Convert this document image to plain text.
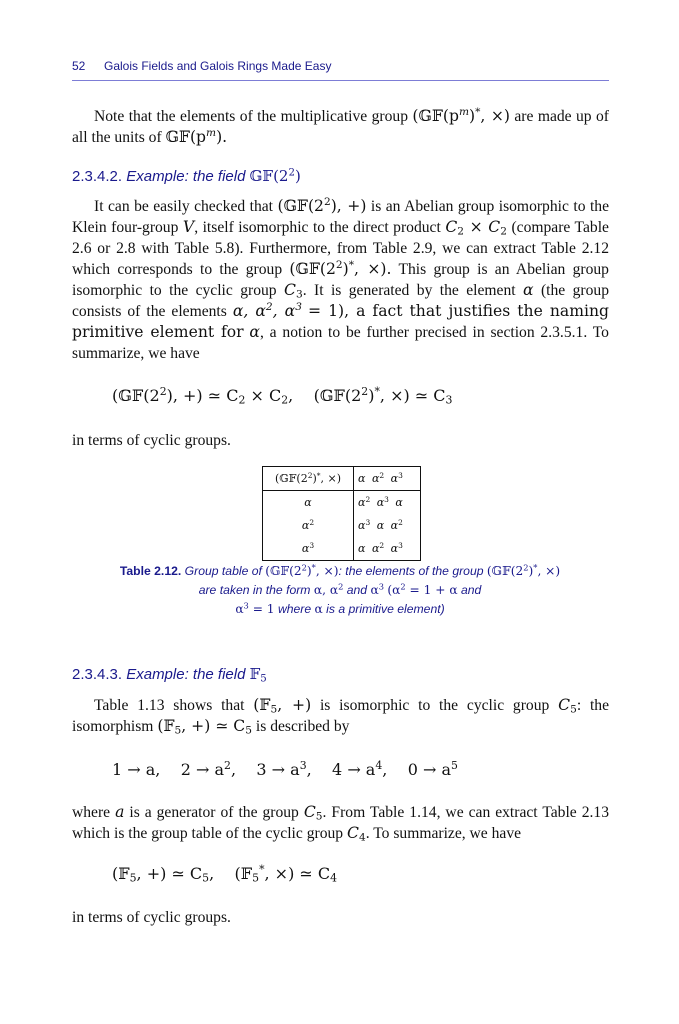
52 Galois Fields and Galois Rings Made Easy
Note that the elements of the multiplicative group ($𝔾𝔽(p^m)^*$, ×) are made up of all the units of $𝔾𝔽(p^m)$.
2.3.4.2. Example: the field $𝔾𝔽(2^2)$
It can be easily checked that ($𝔾𝔽(2^2)$, +) is an Abelian group isomorphic to the Klein four-group V, itself isomorphic to the direct product $C_2 \times C_2$ (compare Table 2.6 or 2.8 with Table 5.8). Furthermore, from Table 2.9, we can extract Table 2.12 which corresponds to the group ($𝔾𝔽(2^2)^*$, ×). This group is an Abelian group isomorphic to the cyclic group $C_3$. It is generated by the element α (the group consists of the elements α, $\alpha^2$, $\alpha^3 = 1$), a fact that justifies the naming primitive element for α, a notion to be further precised in section 2.3.5.1. To summarize, we have
($𝔾𝔽(2^2)$, +) ≃ $C_2 \times C_2$, ($𝔾𝔽(2^2)^*$, ×) ≃ $C_3$
in terms of cyclic groups.
($𝔾𝔽(2^2)^*$, ×)	α $\alpha^2$ $\alpha^3$
α	$\alpha^2$ $\alpha^3$ α
$\alpha^2$	$\alpha^3$ α $\alpha^2$
$\alpha^3$	α $\alpha^2$ $\alpha^3$
Table 2.12. Group table of ($𝔾𝔽(2^2)^*$, ×): the elements of the group ($𝔾𝔽(2^2)^*$, ×) are taken in the form α, $\alpha^2$ and $\alpha^3$ ($\alpha^2 = 1 + \alpha$ and
$\alpha^3 = 1$ where α is a primitive element)
2.3.4.3. Example: the field 𝔽$_5$
Table 1.13 shows that (𝔽$_5$, +) is isomorphic to the cyclic group $C_5$: the isomorphism (𝔽$_5$, +) ≃ $C_5$ is described by
1 → a, $2 \to a^2$, $3 \to a^3$, $4 \to a^4$, $0 \to a^5$
where a is a generator of the group $C_5$. From Table 1.14, we can extract Table 2.13 which is the group table of the cyclic group $C_4$. To summarize, we have
(𝔽$_5$, +) ≃ $C_5$, (𝔽$_5$*, ×) ≃ $C_4$
in terms of cyclic groups.
